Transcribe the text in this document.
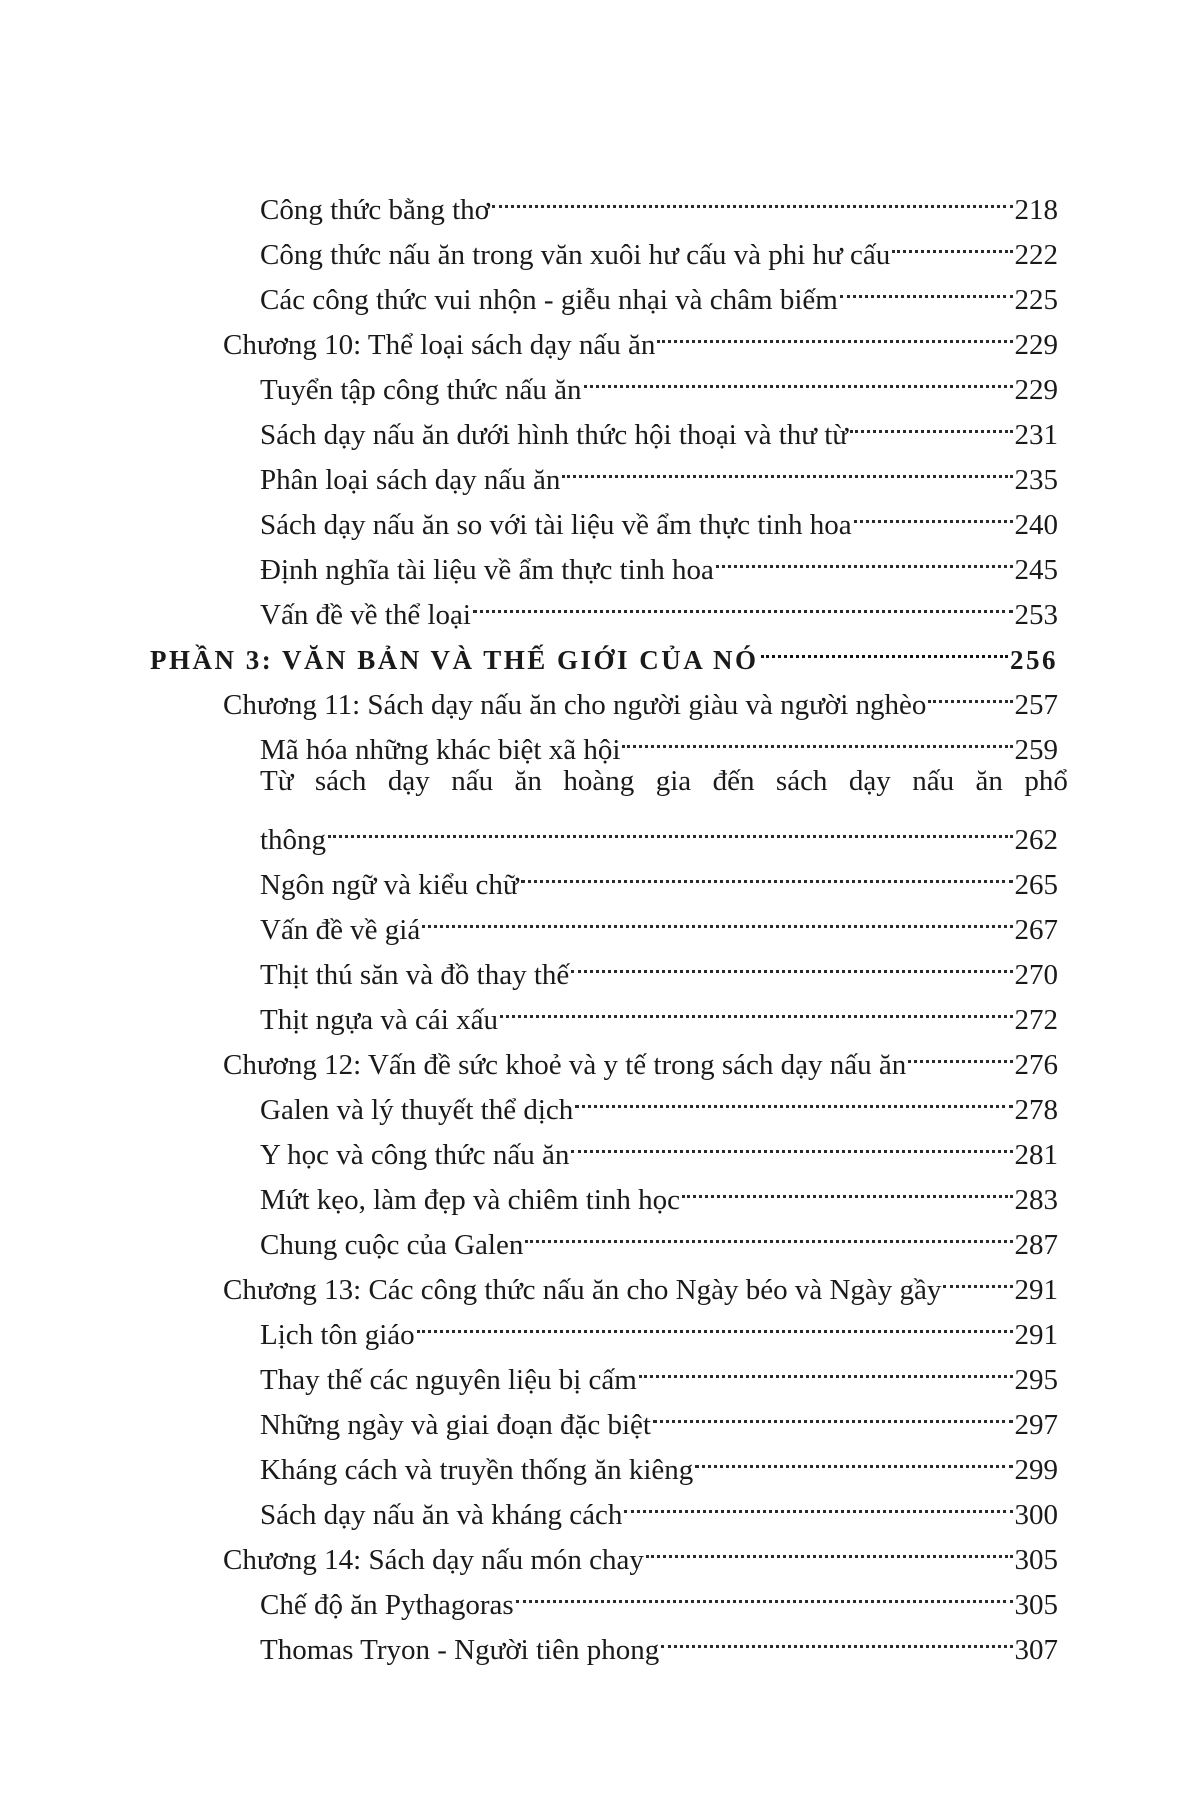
Công thức bằng thơ	218
Công thức nấu ăn trong văn xuôi hư cấu và phi hư cấu	222
Các công thức vui nhộn - giễu nhại và châm biếm	225
Chương 10: Thể loại sách dạy nấu ăn	229
Tuyển tập công thức nấu ăn	229
Sách dạy nấu ăn dưới hình thức hội thoại và thư từ	231
Phân loại sách dạy nấu ăn	235
Sách dạy nấu ăn so với tài liệu về ẩm thực tinh hoa	240
Định nghĩa tài liệu về ẩm thực tinh hoa	245
Vấn đề về thể loại	253
PHẦN 3: VĂN BẢN VÀ THẾ GIỚI CỦA NÓ	256
Chương 11: Sách dạy nấu ăn cho người giàu và người nghèo	257
Mã hóa những khác biệt xã hội	259
Từ sách dạy nấu ăn hoàng gia đến sách dạy nấu ăn phổ
thông	262
Ngôn ngữ và kiểu chữ	265
Vấn đề về giá	267
Thịt thú săn và đồ thay thế	270
Thịt ngựa và cái xấu	272
Chương 12: Vấn đề sức khoẻ và y tế trong sách dạy nấu ăn	276
Galen và lý thuyết thể dịch	278
Y học và công thức nấu ăn	281
Mứt kẹo, làm đẹp và chiêm tinh học	283
Chung cuộc của Galen	287
Chương 13: Các công thức nấu ăn cho Ngày béo và Ngày gầy	291
Lịch tôn giáo	291
Thay thế các nguyên liệu bị cấm	295
Những ngày và giai đoạn đặc biệt	297
Kháng cách và truyền thống ăn kiêng	299
Sách dạy nấu ăn và kháng cách	300
Chương 14: Sách dạy nấu món chay	305
Chế độ ăn Pythagoras	305
Thomas Tryon - Người tiên phong	307
